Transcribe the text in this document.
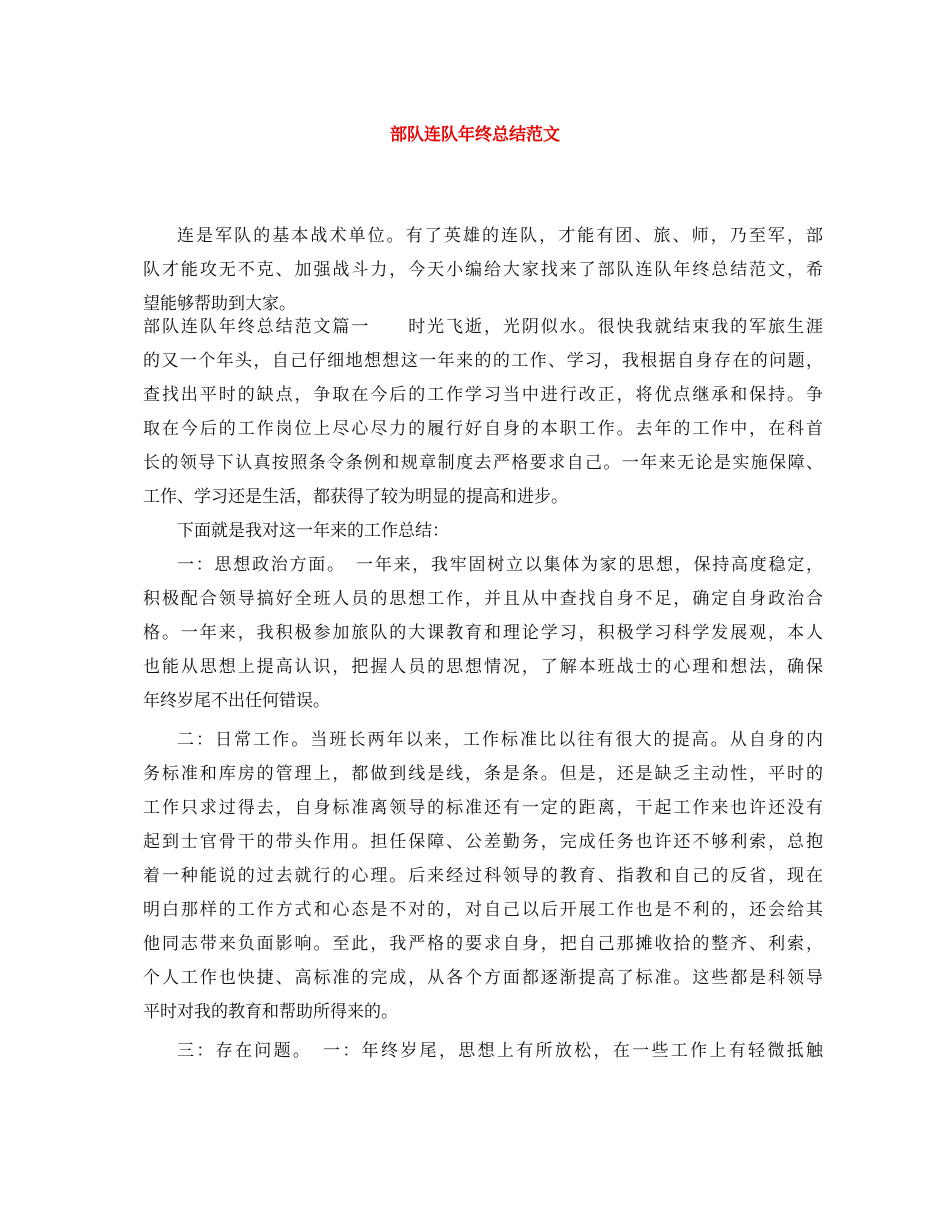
部队连队年终总结范文
连是军队的基本战术单位。有了英雄的连队，才能有团、旅、师，乃至军，部
队才能攻无不克、加强战斗力，今天小编给大家找来了部队连队年终总结范文，希
望能够帮助到大家。
部队连队年终总结范文篇一　　时光飞逝，光阴似水。很快我就结束我的军旅生涯
的又一个年头，自己仔细地想想这一年来的的工作、学习，我根据自身存在的问题，
查找出平时的缺点，争取在今后的工作学习当中进行改正，将优点继承和保持。争
取在今后的工作岗位上尽心尽力的履行好自身的本职工作。去年的工作中，在科首
长的领导下认真按照条令条例和规章制度去严格要求自己。一年来无论是实施保障、
工作、学习还是生活，都获得了较为明显的提高和进步。
下面就是我对这一年来的工作总结：
一：思想政治方面。　一年来，我牢固树立以集体为家的思想，保持高度稳定，
积极配合领导搞好全班人员的思想工作，并且从中查找自身不足，确定自身政治合
格。一年来，我积极参加旅队的大课教育和理论学习，积极学习科学发展观，本人
也能从思想上提高认识，把握人员的思想情况，了解本班战士的心理和想法，确保
年终岁尾不出任何错误。
二：日常工作。当班长两年以来，工作标准比以往有很大的提高。从自身的内
务标准和库房的管理上，都做到线是线，条是条。但是，还是缺乏主动性，平时的
工作只求过得去，自身标准离领导的标准还有一定的距离，干起工作来也许还没有
起到士官骨干的带头作用。担任保障、公差勤务，完成任务也许还不够利索，总抱
着一种能说的过去就行的心理。后来经过科领导的教育、指教和自己的反省，现在
明白那样的工作方式和心态是不对的，对自己以后开展工作也是不利的，还会给其
他同志带来负面影响。至此，我严格的要求自身，把自己那摊收拾的整齐、利索，
个人工作也快捷、高标准的完成，从各个方面都逐渐提高了标准。这些都是科领导
平时对我的教育和帮助所得来的。
三：存在问题。　一：年终岁尾，思想上有所放松，在一些工作上有轻微抵触
